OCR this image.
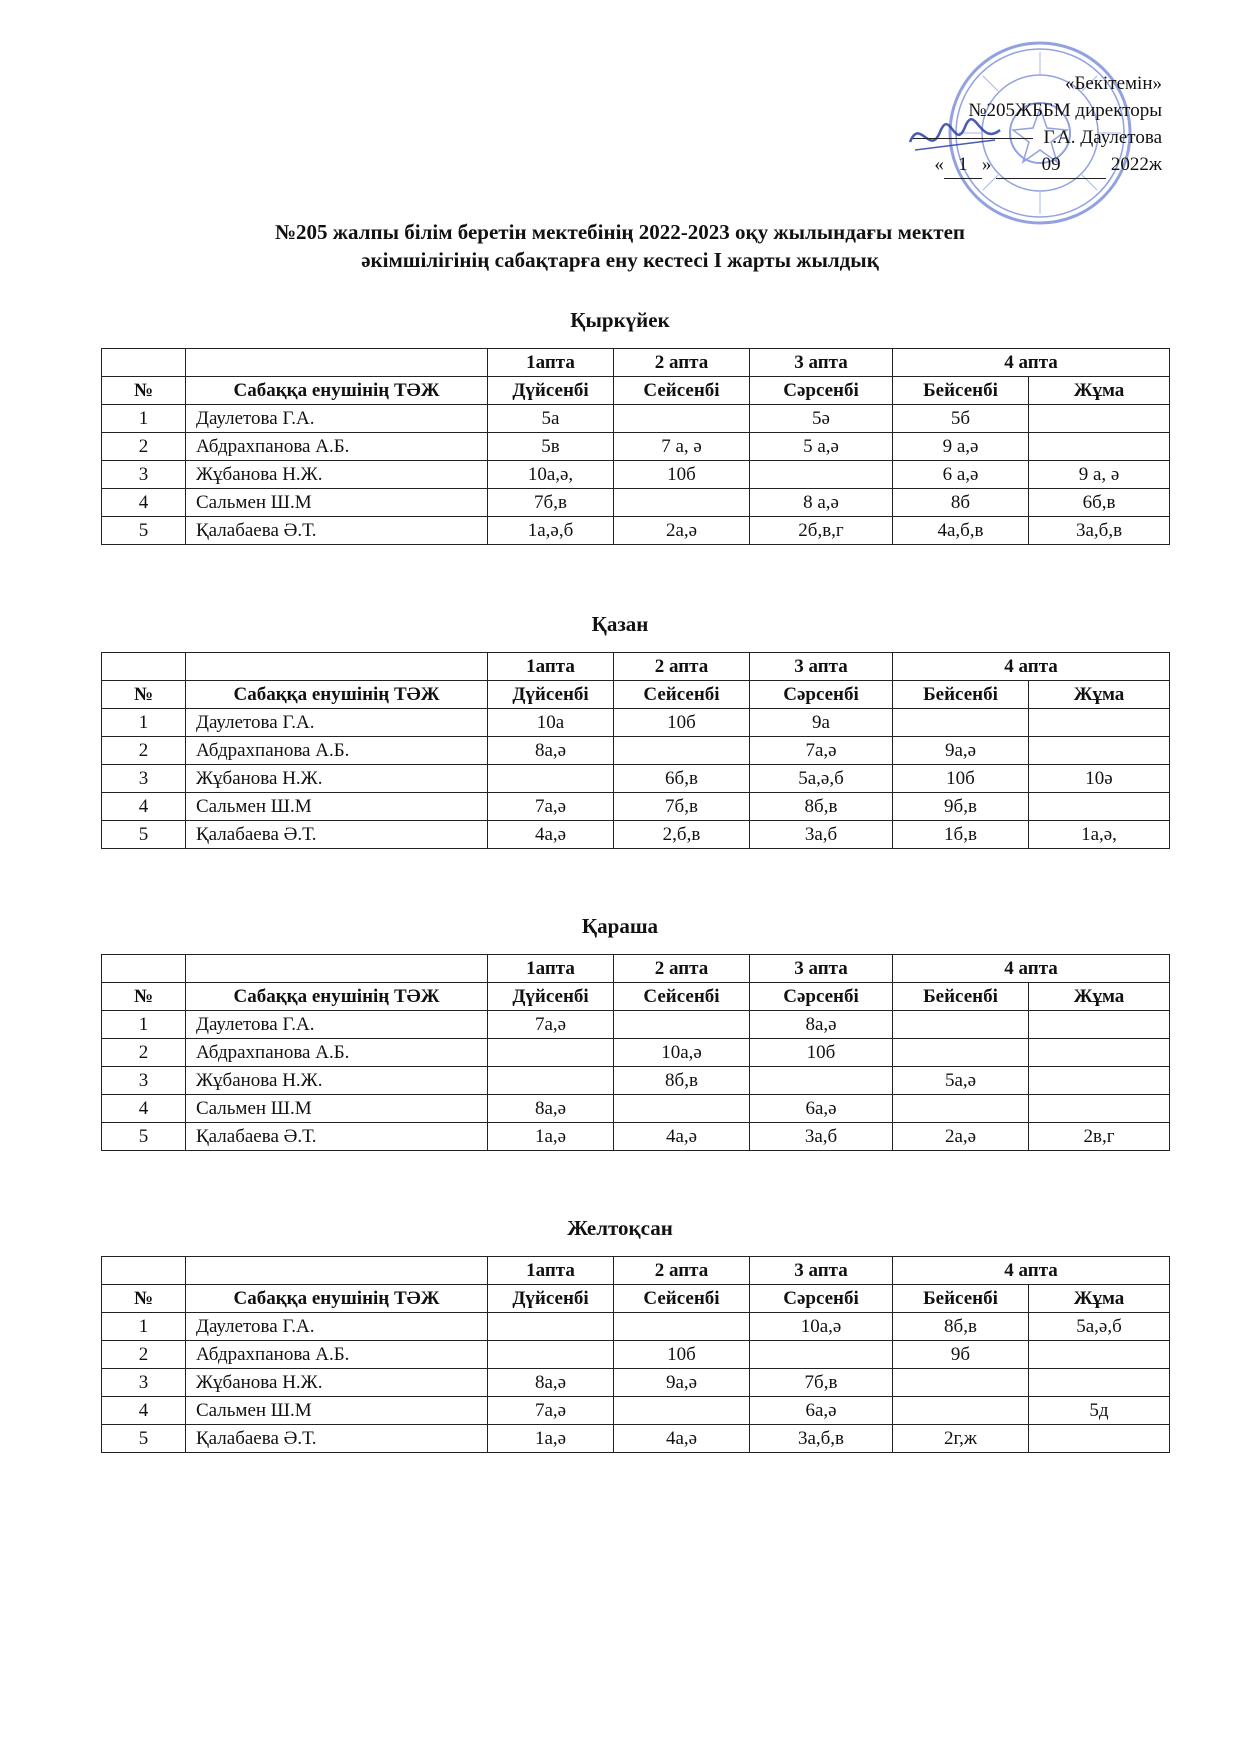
«Бекітемін»
№205ЖББМ директоры
Г.А. Даулетова
« 1 »	09	2022ж
№205 жалпы білім беретін мектебінің 2022-2023 оқу жылындағы мектеп
әкімшілігінің сабақтарға ену кестесі І жарты жылдық
Қыркүйек
		1апта	2 апта	3 апта	4 апта	
№	Сабаққа енушінің ТӘЖ	Дүйсенбі	Сейсенбі	Сәрсенбі	Бейсенбі	Жұма
1	Даулетова Г.А.	5а		5ә	5б	
2	Абдрахпанова А.Б.	5в	7 а, ә	5 а,ә	9 а,ә	
3	Жұбанова Н.Ж.	10а,ә,	10б		6 а,ә	9 а, ә
4	Сальмен Ш.М	7б,в		8 а,ә	8б	6б,в
5	Қалабаева Ә.Т.	1а,ә,б	2а,ә	2б,в,г	4а,б,в	3а,б,в
Қазан
		1апта	2 апта	3 апта	4 апта	
№	Сабаққа енушінің ТӘЖ	Дүйсенбі	Сейсенбі	Сәрсенбі	Бейсенбі	Жұма
1	Даулетова Г.А.	10а	10б	9а		
2	Абдрахпанова А.Б.	8а,ә		7а,ә	9а,ә	
3	Жұбанова Н.Ж.		6б,в	5а,ә,б	10б	10ә
4	Сальмен Ш.М	7а,ә	7б,в	8б,в	9б,в	
5	Қалабаева Ә.Т.	4а,ә	2,б,в	3а,б	1б,в	1а,ә,
Қараша
		1апта	2 апта	3 апта	4 апта	
№	Сабаққа енушінің ТӘЖ	Дүйсенбі	Сейсенбі	Сәрсенбі	Бейсенбі	Жұма
1	Даулетова Г.А.	7а,ә		8а,ә		
2	Абдрахпанова А.Б.		10а,ә	10б		
3	Жұбанова Н.Ж.		8б,в		5а,ә	
4	Сальмен Ш.М	8а,ә		6а,ә		
5	Қалабаева Ә.Т.	1а,ә	4а,ә	3а,б	2а,ә	2в,г
Желтоқсан
		1апта	2 апта	3 апта	4 апта	
№	Сабаққа енушінің ТӘЖ	Дүйсенбі	Сейсенбі	Сәрсенбі	Бейсенбі	Жұма
1	Даулетова Г.А.			10а,ә	8б,в	5а,ә,б
2	Абдрахпанова А.Б.		10б		9б	
3	Жұбанова Н.Ж.	8а,ә	9а,ә	7б,в		
4	Сальмен Ш.М	7а,ә		6а,ә		5д
5	Қалабаева Ә.Т.	1а,ә	4а,ә	3а,б,в	2г,ж	
